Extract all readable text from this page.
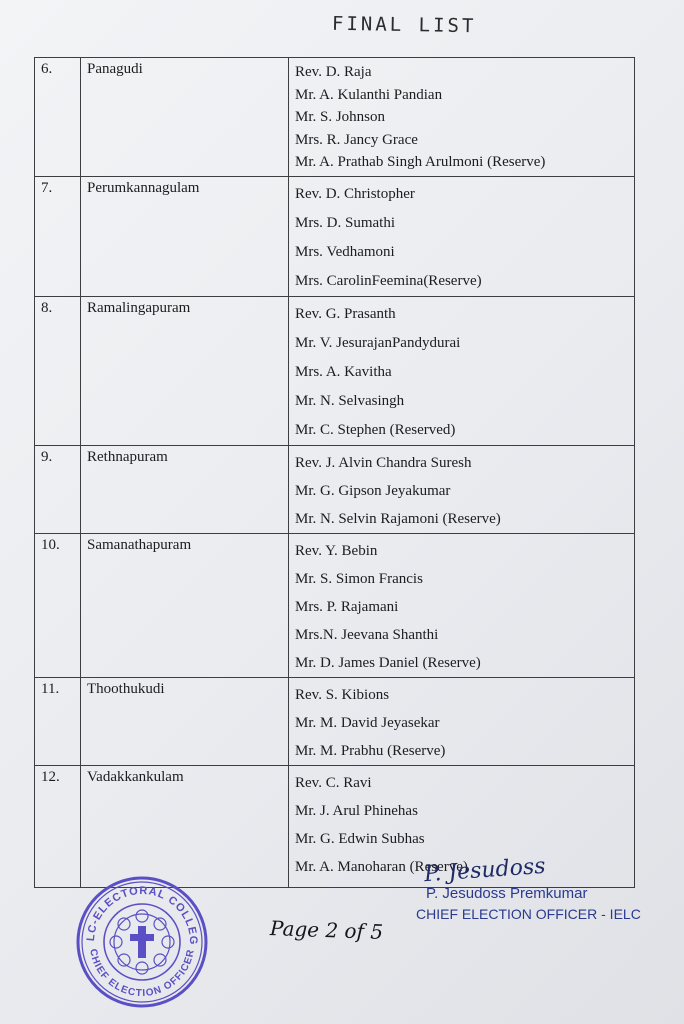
FINAL LIST
6.	Panagudi	Rev. D. Raja
Mr. A. Kulanthi Pandian
Mr. S. Johnson
Mrs. R. Jancy Grace
Mr. A. Prathab Singh Arulmoni (Reserve)

7.	Perumkannagulam	Rev. D. Christopher
Mrs. D. Sumathi
Mrs. Vedhamoni
Mrs. CarolinFeemina(Reserve)

8.	Ramalingapuram	Rev. G. Prasanth
Mr. V. JesurajanPandydurai
Mrs. A. Kavitha
Mr. N. Selvasingh
Mr. C. Stephen (Reserved)

9.	Rethnapuram	Rev. J. Alvin Chandra Suresh
Mr. G. Gipson Jeyakumar
Mr. N. Selvin Rajamoni (Reserve)

10.	Samanathapuram	Rev. Y. Bebin
Mr. S. Simon Francis
Mrs. P. Rajamani
Mrs.N. Jeevana Shanthi
Mr. D. James Daniel (Reserve)

11.	Thoothukudi	Rev. S. Kibions
Mr. M. David Jeyasekar
Mr. M. Prabhu (Reserve)

12.	Vadakkankulam	Rev. C. Ravi
Mr. J. Arul Phinehas
Mr. G. Edwin Subhas
Mr. A. Manoharan (Reserve)
LC-ELECTORAL COLLEG
CHIEF ELECTION OFFICER
P. Jesudoss
P. Jesudoss Premkumar
CHIEF ELECTION OFFICER - IELC
Page 2 of 5
